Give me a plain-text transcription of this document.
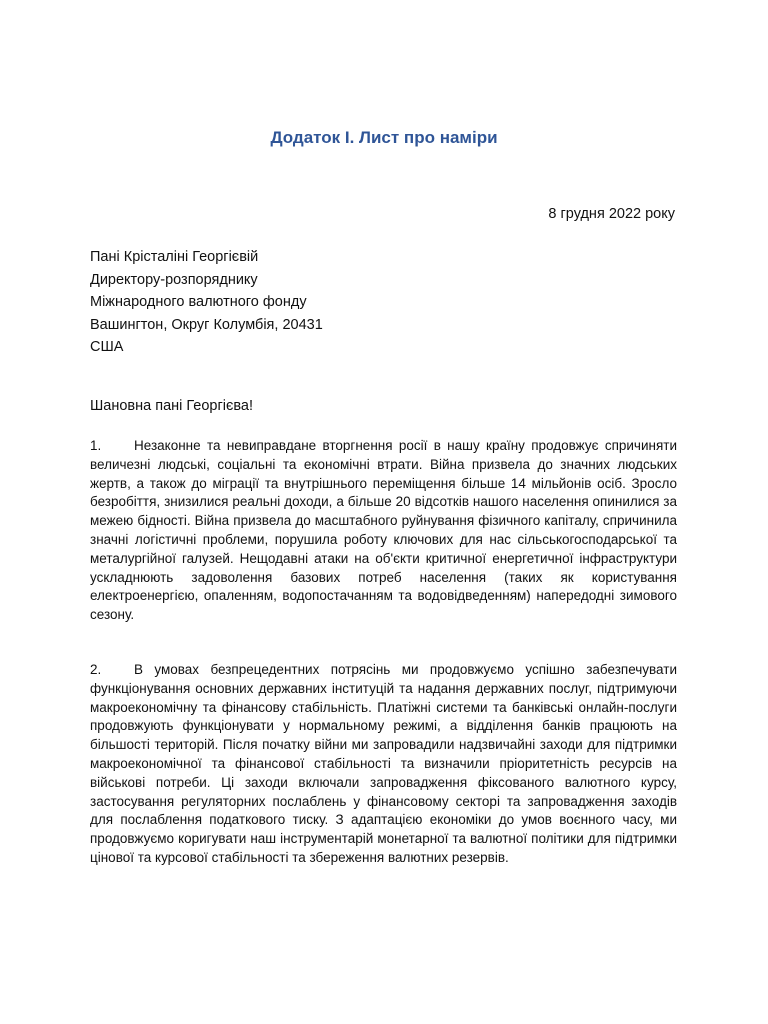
Додаток І. Лист про наміри
8 грудня 2022 року
Пані Крісталіні Георгієвій
Директору-розпоряднику
Міжнародного валютного фонду
Вашингтон, Округ Колумбія, 20431
США
Шановна пані Георгієва!
1. Незаконне та невиправдане вторгнення росії в нашу країну продовжує спричиняти величезні людські, соціальні та економічні втрати. Війна призвела до значних людських жертв, а також до міграції та внутрішнього переміщення більше 14 мільйонів осіб. Зросло безробіття, знизилися реальні доходи, а більше 20 відсотків нашого населення опинилися за межею бідності. Війна призвела до масштабного руйнування фізичного капіталу, спричинила значні логістичні проблеми, порушила роботу ключових для нас сільськогосподарської та металургійної галузей. Нещодавні атаки на об'єкти критичної енергетичної інфраструктури ускладнюють задоволення базових потреб населення (таких як користування електроенергією, опаленням, водопостачанням та водовідведенням) напередодні зимового сезону.
2. В умовах безпрецедентних потрясінь ми продовжуємо успішно забезпечувати функціонування основних державних інституцій та надання державних послуг, підтримуючи макроекономічну та фінансову стабільність. Платіжні системи та банківські онлайн-послуги продовжують функціонувати у нормальному режимі, а відділення банків працюють на більшості територій. Після початку війни ми запровадили надзвичайні заходи для підтримки макроекономічної та фінансової стабільності та визначили пріоритетність ресурсів на військові потреби. Ці заходи включали запровадження фіксованого валютного курсу, застосування регуляторних послаблень у фінансовому секторі та запровадження заходів для послаблення податкового тиску. З адаптацією економіки до умов воєнного часу, ми продовжуємо коригувати наш інструментарій монетарної та валютної політики для підтримки цінової та курсової стабільності та збереження валютних резервів.
